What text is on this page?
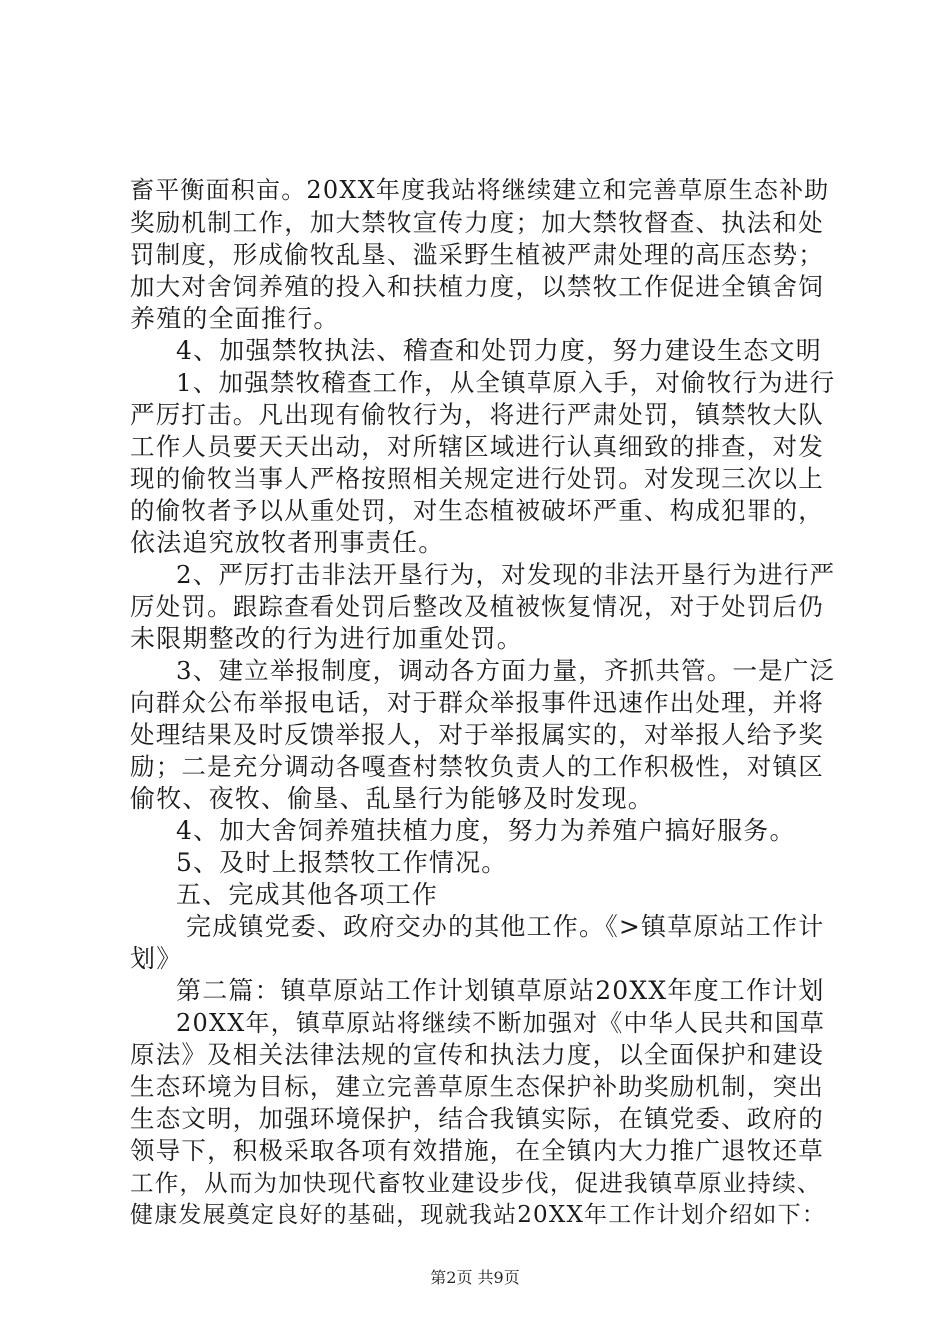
畜平衡面积亩。20XX年度我站将继续建立和完善草原生态补助
奖励机制工作，加大禁牧宣传力度；加大禁牧督查、执法和处
罚制度，形成偷牧乱垦、滥采野生植被严肃处理的高压态势；
加大对舍饲养殖的投入和扶植力度，以禁牧工作促进全镇舍饲
养殖的全面推行。
4、加强禁牧执法、稽查和处罚力度，努力建设生态文明
1、加强禁牧稽查工作，从全镇草原入手，对偷牧行为进行
严厉打击。凡出现有偷牧行为，将进行严肃处罚，镇禁牧大队
工作人员要天天出动，对所辖区域进行认真细致的排查，对发
现的偷牧当事人严格按照相关规定进行处罚。对发现三次以上
的偷牧者予以从重处罚，对生态植被破坏严重、构成犯罪的，
依法追究放牧者刑事责任。
2、严厉打击非法开垦行为，对发现的非法开垦行为进行严
厉处罚。跟踪查看处罚后整改及植被恢复情况，对于处罚后仍
未限期整改的行为进行加重处罚。
3、建立举报制度，调动各方面力量，齐抓共管。一是广泛
向群众公布举报电话，对于群众举报事件迅速作出处理，并将
处理结果及时反馈举报人，对于举报属实的，对举报人给予奖
励；二是充分调动各嘎查村禁牧负责人的工作积极性，对镇区
偷牧、夜牧、偷垦、乱垦行为能够及时发现。
4、加大舍饲养殖扶植力度，努力为养殖户搞好服务。
5、及时上报禁牧工作情况。
五、完成其他各项工作
完成镇党委、政府交办的其他工作。《>镇草原站工作计
划》
第二篇：镇草原站工作计划镇草原站20XX年度工作计划
20XX年，镇草原站将继续不断加强对《中华人民共和国草
原法》及相关法律法规的宣传和执法力度，以全面保护和建设
生态环境为目标，建立完善草原生态保护补助奖励机制，突出
生态文明，加强环境保护，结合我镇实际，在镇党委、政府的
领导下，积极采取各项有效措施，在全镇内大力推广退牧还草
工作，从而为加快现代畜牧业建设步伐，促进我镇草原业持续、
健康发展奠定良好的基础，现就我站20XX年工作计划介绍如下：
第2页 共9页
